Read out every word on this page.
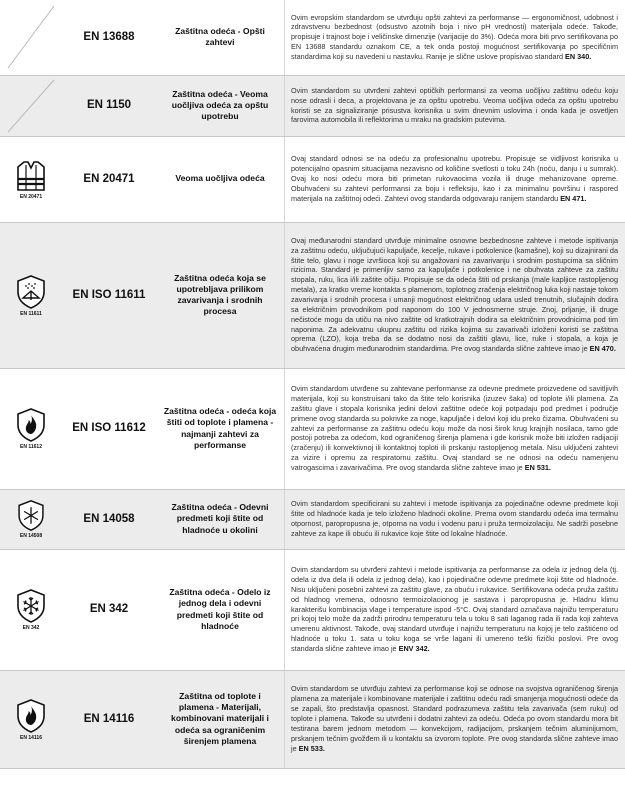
	EN 13688	Zaštitna odeća - Opšti zahtevi	Ovim evropskim standardom se utvrđuju opšti zahtevi za performanse — ergonomičnost, udobnost i zdravstvenu bezbednost (odsustvo azotnih boja i nivo pH vrednosti) materijala odeće. Takođe, propisuje i trajnost boje i veličinske dimenzije (varijacije do 3%). Odeća mora biti prvo sertifikovana po EN 13688 standardu oznakom CE, a tek onda postoji mogućnost sertifikovanja po specifičnim standardima koji su navedeni u nastavku. Ranije je slične uslove propisivao standard EN 340.

	EN 1150	Zaštitna odeća - Veoma uočljiva odeća za opštu upotrebu	Ovim standardom su utvrđeni zahtevi optičkih performansi za veoma uočljivu zaštitnu odeću koju nose odrasli i deca, a projektovana je za opštu upotrebu. Veoma uočljiva odeća za opštu upotrebu koristi se za signaliziranje prisustva korisnika u svim dnevnim uslovima i onda kada je osvetljen farovima automobila ili reflektorima u mraku na gradskim putevima.

EN 20471	EN 20471	Veoma uočljiva odeća	Ovaj standard odnosi se na odeću za profesionalnu upotrebu. Propisuje se vidljivost korisnika u potencijalno opasnim situacijama nezavisno od količine svetlosti u toku 24h (noću, danju i u sumrak). Ovaj ko nosi odeću mora biti primetan rukovaocima vozila ili druge mehanizovane opreme. Obuhvaćeni su zahtevi performansi za boju i refleksiju, kao i za minimalnu površinu i raspored materijala na zaštitnoj odeći. Zahtevi ovog standarda odgovaraju ranijem standardu EN 471.

EN 11611	EN ISO 11611	Zaštitna odeća koja se upotrebljava prilikom zavarivanja i srodnih procesa	Ovaj međunarodni standard utvrđuje minimalne osnovne bezbednosne zahteve i metode ispitivanja za zaštitnu odeću, uključujući kapuljače, kecelje, rukave i potkolenice (kamašne), koji su dizajnirani da štite telo, glavu i noge izvršioca koji su angažovani na zavarivanju i srodnim postupcima sa sličnim rizicima. Standard je primenljiv samo za kapuljače i potkolenice i ne obuhvata zahteve za zaštitu stopala, ruku, lica i/ili zaštite očiju. Propisuje se da odeća štiti od prskanja (male kapljice rastopljenog metala), za kratko vreme kontakta s plamenom, toplotnog zračenja električnog luka koji nastaje tokom zavarivanja i srodnih procesa i umanji mogućnost električnog udara usled trenutnih, slučajnih dodira sa električnim provodnikom pod naponom do 100 V jednosmerne struje. Znoj, prljanje, ili druge nečistoće mogu da utiču na nivo zaštite od kratkotrajnih dodira sa električnim provodnicima pod tim naponima. Za adekvatnu ukupnu zaštitu od rizika kojima su zavarivači izloženi koristi se zaštitna oprema (LZO), koja treba da se dodatno nosi da zaštiti glavu, lice, ruke i stopala, a koja je obuhvaćena drugim međunarodnim standardima. Pre ovog standarda slične zahteve imao je EN 470.

EN 11612	EN ISO 11612	Zaštitna odeća - odeća koja štiti od toplote i plamena - najmanji zahtevi za performanse	Ovim standardom utvrđene su zahtevane performanse za odevne predmete proizvedene od savitljivih materijala, koji su konstruisani tako da štite telo korisnika (izuzev šaka) od toplote i/ili plamena. Za zaštitu glave i stopala korisnika jedini delovi zaštitne odeće koji potpadaju pod predmet i područje primene ovog standarda su pokrivke za noge, kapuljače i delovi koji idu preko čizama. Obuhvaćeni su zahtevi za performanse za zaštitnu odeću koju može da nosi širok krug krajnjih nosilaca, tamo gde postoji potreba za odećom, kod ograničenog širenja plamena i gde korisnik može biti izložen radijaciji (zračenju) ili konvektivnoj ili kontaktnoj toploti ili prskanju rastopljenog metala. Nisu uključeni zahtevi za vizire i opremu za respiratornu zaštitu. Ovaj standard se ne odnosi na odeću namenjenu vatrogascima i zavarivačima. Pre ovog standarda slične zahteve imao je EN 531.

EN 14508	EN 14058	Zaštitna odeća - Odevni predmeti koji štite od hladnoće u okolini	Ovim standardom specificirani su zahtevi i metode ispitivanja za pojedinačne odevne predmete koji štite od hladnoće kada je telo izloženo hladnoći okoline. Prema ovom standardu odeća ima termalnu otpornost, paropropusna je, otporna na vodu i vodenu paru i pruža termoizolaciju. Ne sadrži posebne zahteve za kape ili obuću ili rukavice koje štite od lokalne hladnoće.

EN 342	EN 342	Zaštitna odeća - Odelo iz jednog dela i odevni predmeti koji štite od hladnoće	Ovim standardom su utvrđeni zahtevi i metode ispitivanja za performanse za odela iz jednog dela (tj. odela iz dva dela ili odela iz jednog dela), kao i pojedinačne odevne predmete koji štite od hladnoće. Nisu uključeni posebni zahtevi za zaštitu glave, za obuću i rukavice. Sertifikovana odeća pruža zaštitu od hladnog vremena, odnosno termoizolacionog je sastava i paropropusna je. Hladnu klimu karakterišu kombinacija vlage i temperature ispod -5°C. Ovaj standard označava najnižu temperaturu pri kojoj telo može da zadrži prirodnu temperaturu tela u toku 8 sati laganog rada ili rada koji zahteva umerenu aktivnost. Takođe, ovaj standard utvrđuje i najnižu temperaturu na kojoj je telo zaštićeno od hladnoće u toku 1. sata u toku koga se vrše lagani ili umereno teški fizički poslovi. Pre ovog standarda slične zahteve imao je ENV 342.

EN 14116	EN 14116	Zaštitna od toplote i plamena - Materijali, kombinovani materijali i odeća sa ograničenim širenjem plamena	Ovim standardom se utvrđuju zahtevi za performanse koji se odnose na svojstva ograničenog širenja plamena za materijale i kombinovane materijale i zaštitnu odeću radi smanjenja mogućnosti odeće da se zapali, što predstavlja opasnost. Standard podrazumeva zaštitu tela zavarivača (sem ruku) od toplote i plamena. Takođe su utvrđeni i dodatni zahtevi za odeću. Odeća po ovom standardu mora bit testirana barem jednom metodom — konvekcijom, radijacijom, prskanjem tečnim aluminijumom, prskanjem tečnim gvožđem ili u kontaktu sa izvorom toplote. Pre ovog standarda slične zahteve imao je EN 533.
